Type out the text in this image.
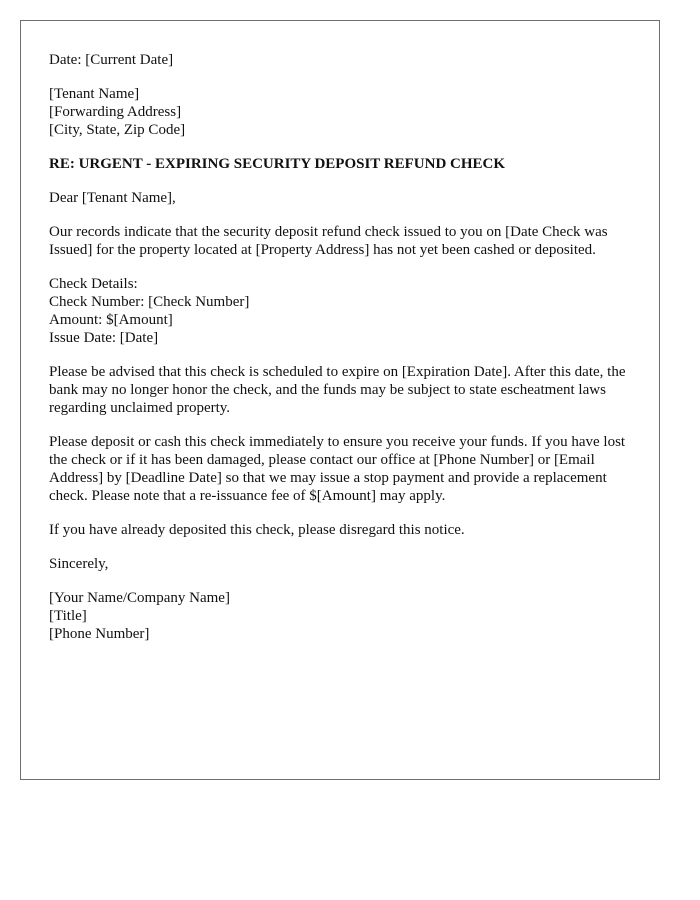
Date: [Current Date]
[Tenant Name]
[Forwarding Address]
[City, State, Zip Code]
RE: URGENT - EXPIRING SECURITY DEPOSIT REFUND CHECK
Dear [Tenant Name],

Our records indicate that the security deposit refund check issued to you on [Date Check was Issued] for the property located at [Property Address] has not yet been cashed or deposited.

Check Details:
Check Number: [Check Number]
Amount: $[Amount]
Issue Date: [Date]

Please be advised that this check is scheduled to expire on [Expiration Date]. After this date, the bank may no longer honor the check, and the funds may be subject to state escheatment laws regarding unclaimed property.

Please deposit or cash this check immediately to ensure you receive your funds. If you have lost the check or if it has been damaged, please contact our office at [Phone Number] or [Email Address] by [Deadline Date] so that we may issue a stop payment and provide a replacement check. Please note that a re-issuance fee of $[Amount] may apply.

If you have already deposited this check, please disregard this notice.

Sincerely,
[Your Name/Company Name]
[Title]
[Phone Number]
